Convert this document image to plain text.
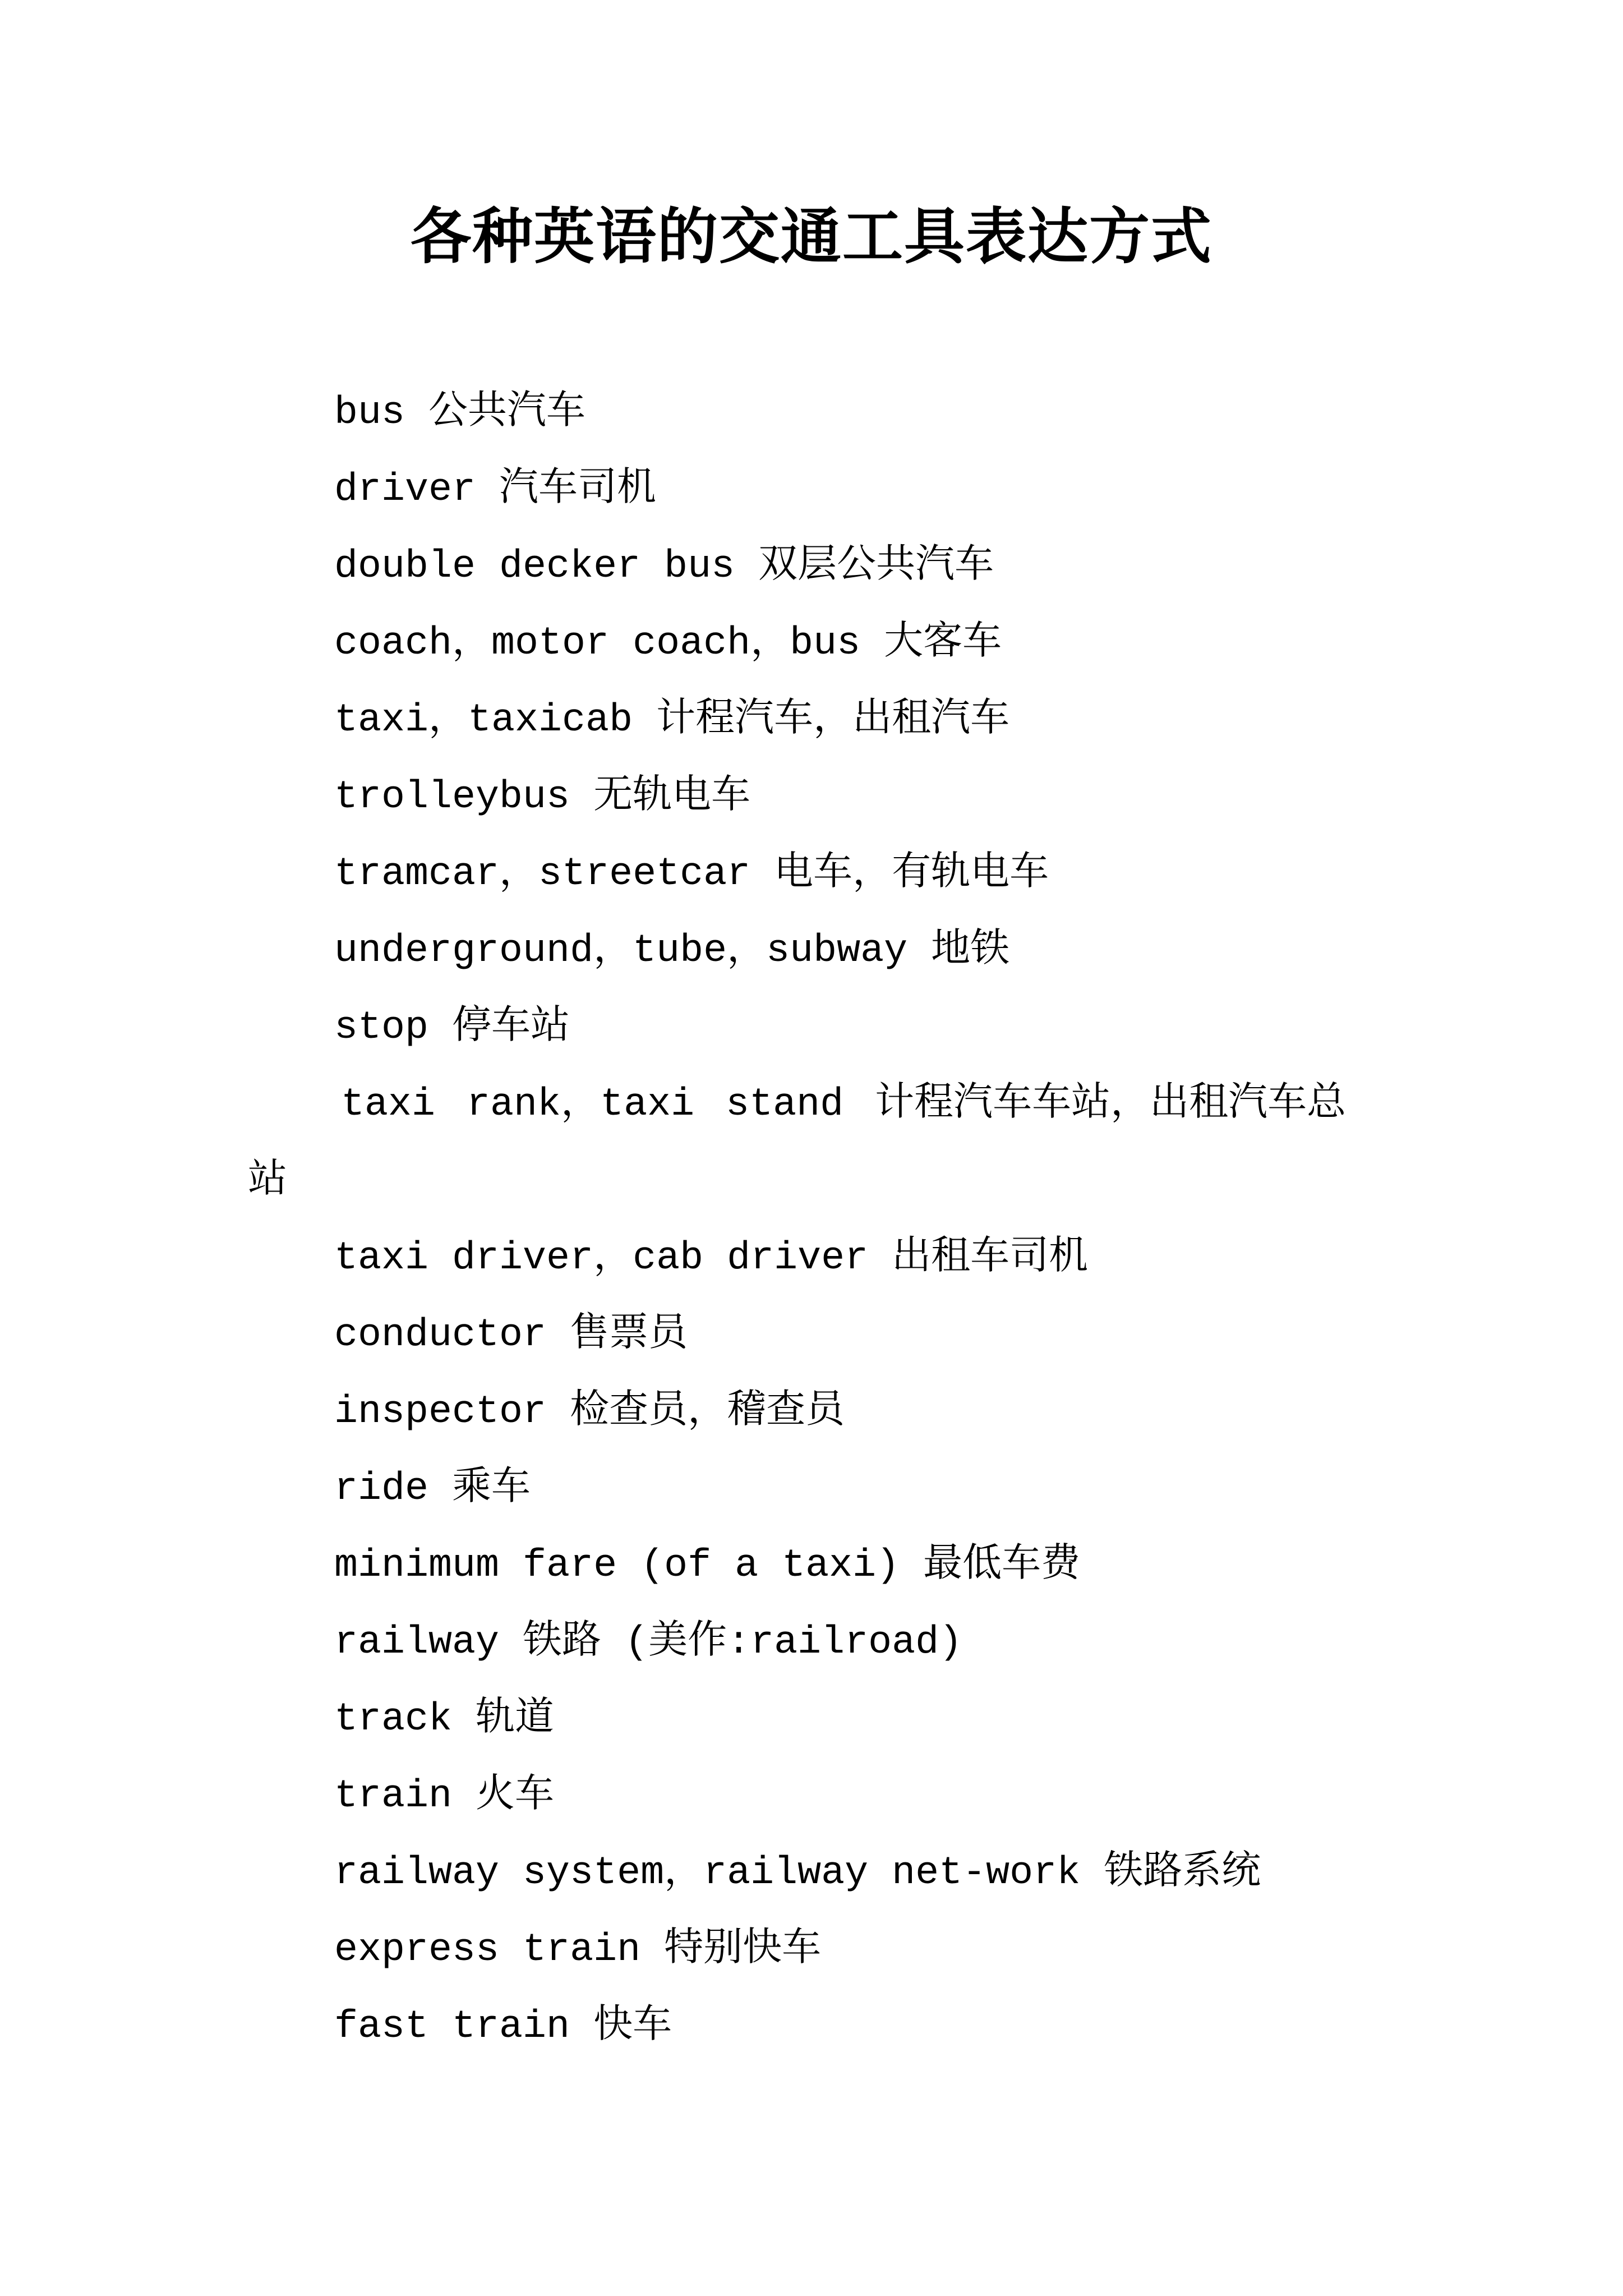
各种英语的交通工具表达方式
bus 公共汽车
driver 汽车司机
double decker bus 双层公共汽车
coach，motor coach，bus 大客车
taxi，taxicab 计程汽车，出租汽车
trolleybus 无轨电车
tramcar，streetcar 电车，有轨电车
underground，tube，subway 地铁
stop 停车站
taxi rank，taxi stand 计程汽车车站，出租汽车总
站
taxi driver，cab driver 出租车司机
conductor 售票员
inspector 检查员，稽查员
ride 乘车
minimum fare (of a taxi) 最低车费
railway 铁路 (美作:railroad)
track 轨道
train 火车
railway system，railway net-work 铁路系统
express train 特别快车
fast train 快车
